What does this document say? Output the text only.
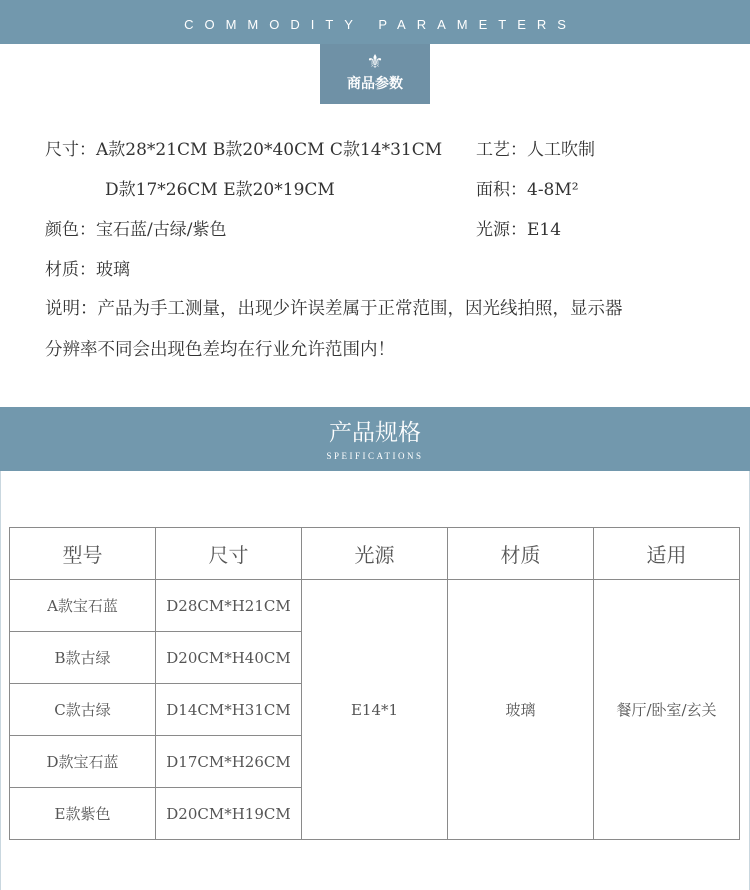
COMMODITY PARAMETERS
⚜
商品参数
尺寸：A款28*21CM B款20*40CM C款14*31CM
D款17*26CM E款20*19CM
颜色：宝石蓝/古绿/紫色
材质：玻璃
工艺：人工吹制
面积：4-8M²
光源：E14
说明：产品为手工测量，出现少许误差属于正常范围，因光线拍照，显示器
分辨率不同会出现色差均在行业允许范围内！
产品规格
SPEIFICATIONS
型号	尺寸	光源	材质	适用
A款宝石蓝	D28CM*H21CM	E14*1	玻璃	餐厅/卧室/玄关
B款古绿	D20CM*H40CM			
C款古绿	D14CM*H31CM			
D款宝石蓝	D17CM*H26CM			
E款紫色	D20CM*H19CM			
